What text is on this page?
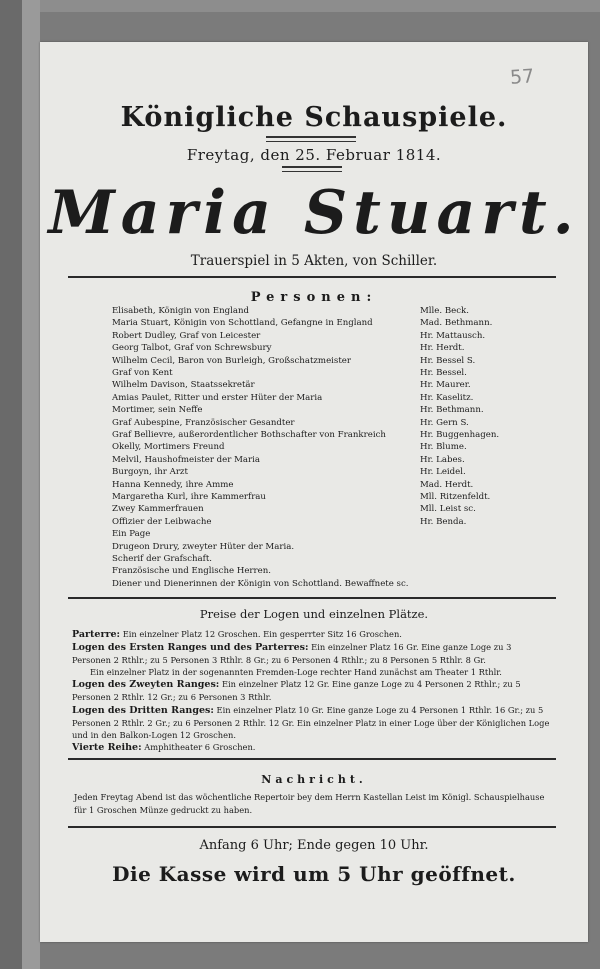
57
Königliche Schauspiele.
Freytag, den 25. Februar 1814.
Maria Stuart.
Trauerspiel in 5 Akten, von Schiller.
Personen:
Elisabeth, Königin von England	Mlle. Beck.
Maria Stuart, Königin von Schottland, Gefangne in England	Mad. Bethmann.
Robert Dudley, Graf von Leicester	Hr. Mattausch.
Georg Talbot, Graf von Schrewsbury	Hr. Herdt.
Wilhelm Cecil, Baron von Burleigh, Großschatzmeister	Hr. Bessel S.
Graf von Kent	Hr. Bessel.
Wilhelm Davison, Staatssekretär	Hr. Maurer.
Amias Paulet, Ritter und erster Hüter der Maria	Hr. Kaselitz.
Mortimer, sein Neffe	Hr. Bethmann.
Graf Aubespine, Französischer Gesandter	Hr. Gern S.
Graf Bellievre, außerordentlicher Bothschafter von Frankreich	Hr. Buggenhagen.
Okelly, Mortimers Freund	Hr. Blume.
Melvil, Haushofmeister der Maria	Hr. Labes.
Burgoyn, ihr Arzt	Hr. Leidel.
Hanna Kennedy, ihre Amme	Mad. Herdt.
Margaretha Kurl, ihre Kammerfrau	Mll. Ritzenfeldt.
Zwey Kammerfrauen	Mll. Leist sc.
Offizier der Leibwache	Hr. Benda.
Ein Page
Drugeon Drury, zweyter Hüter der Maria.
Scherif der Grafschaft.
Französische und Englische Herren.
Diener und Dienerinnen der Königin von Schottland. Bewaffnete sc.
Preise der Logen und einzelnen Plätze.
Parterre: Ein einzelner Platz 12 Groschen. Ein gesperrter Sitz 16 Groschen.
Logen des Ersten Ranges und des Parterres: Ein einzelner Platz 16 Gr. Eine ganze Loge zu 3 Personen 2 Rthlr.; zu 5 Personen 3 Rthlr. 8 Gr.; zu 6 Personen 4 Rthlr.; zu 8 Personen 5 Rthlr. 8 Gr.
Ein einzelner Platz in der sogenannten Fremden-Loge rechter Hand zunächst am Theater 1 Rthlr.
Logen des Zweyten Ranges: Ein einzelner Platz 12 Gr. Eine ganze Loge zu 4 Personen 2 Rthlr.; zu 5 Personen 2 Rthlr. 12 Gr.; zu 6 Personen 3 Rthlr.
Logen des Dritten Ranges: Ein einzelner Platz 10 Gr. Eine ganze Loge zu 4 Personen 1 Rthlr. 16 Gr.; zu 5 Personen 2 Rthlr. 2 Gr.; zu 6 Personen 2 Rthlr. 12 Gr. Ein einzelner Platz in einer Loge über der Königlichen Loge und in den Balkon-Logen 12 Groschen.
Vierte Reihe: Amphitheater 6 Groschen.
Nachricht.
Jeden Freytag Abend ist das wöchentliche Repertoir bey dem Herrn Kastellan Leist im Königl. Schauspielhause für 1 Groschen Münze gedruckt zu haben.
Anfang 6 Uhr; Ende gegen 10 Uhr.
Die Kasse wird um 5 Uhr geöffnet.
